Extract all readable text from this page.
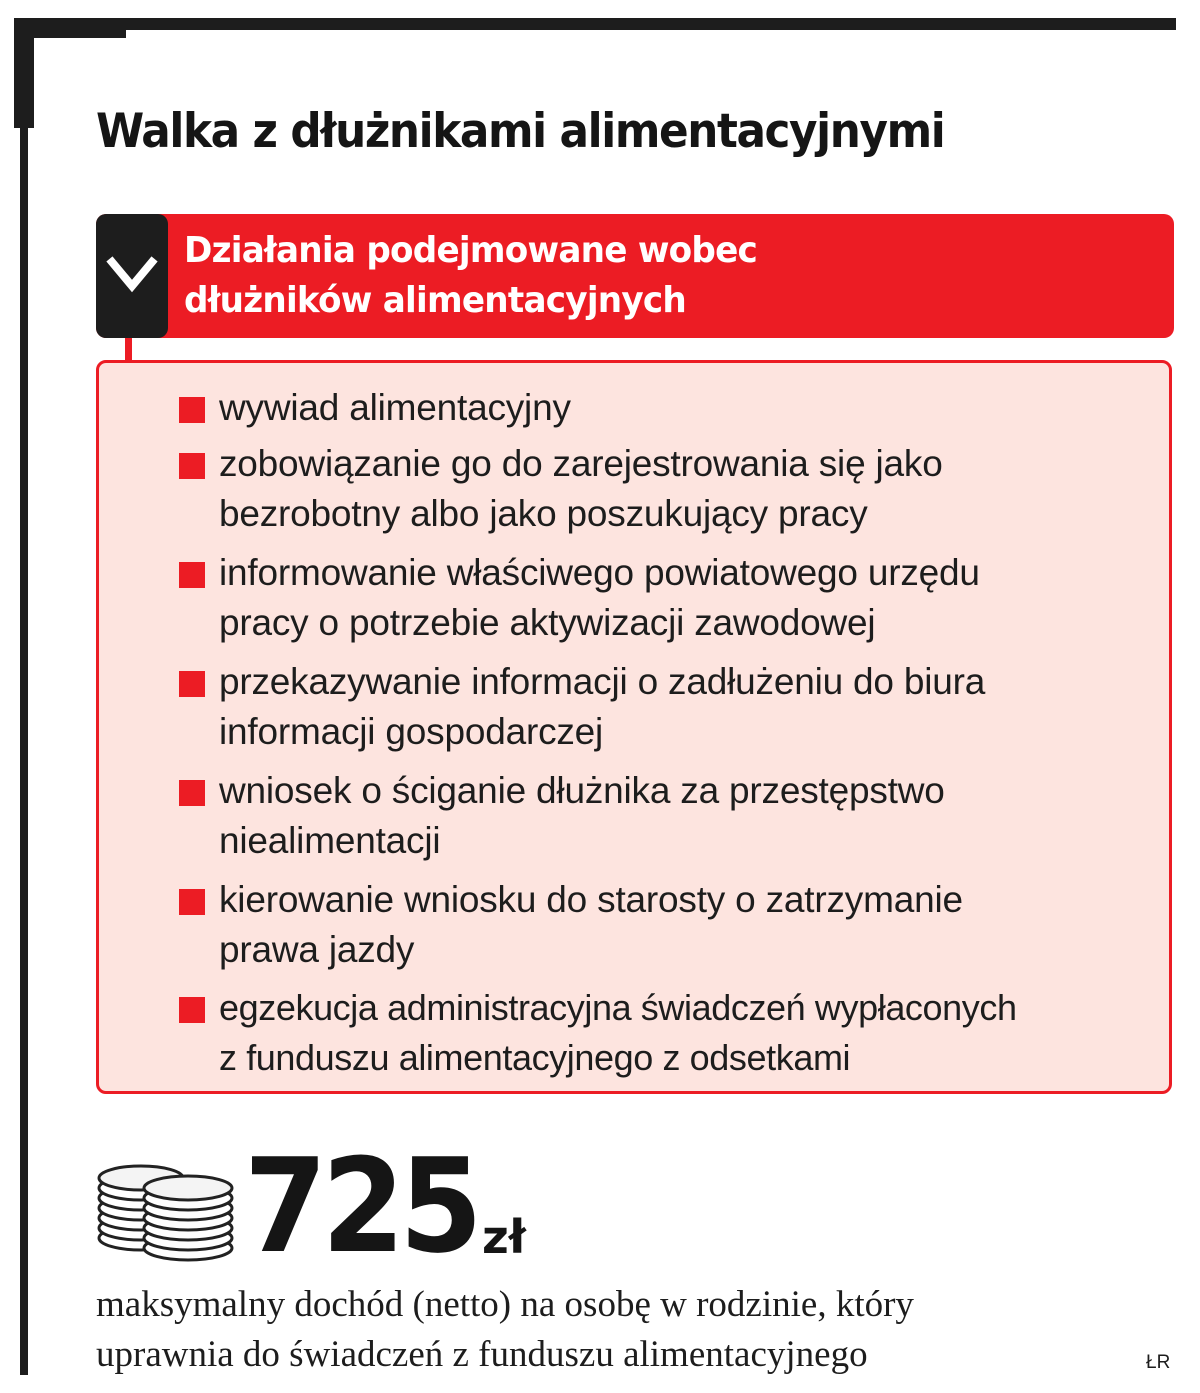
Walka z dłużnikami alimentacyjnymi
Działania podejmowane wobec
dłużników alimentacyjnych
wywiad alimentacyjny
zobowiązanie go do zarejestrowania się jako
bezrobotny albo jako poszukujący pracy
informowanie właściwego powiatowego urzędu
pracy o potrzebie aktywizacji zawodowej
przekazywanie informacji o zadłużeniu do biura
informacji gospodarczej
wniosek o ściganie dłużnika za przestępstwo
niealimentacji
kierowanie wniosku do starosty o zatrzymanie
prawa jazdy
egzekucja administracyjna świadczeń wypłaconych
z funduszu alimentacyjnego z odsetkami
725 zł
maksymalny dochód (netto) na osobę w rodzinie, który
uprawnia do świadczeń z funduszu alimentacyjnego	ŁR
